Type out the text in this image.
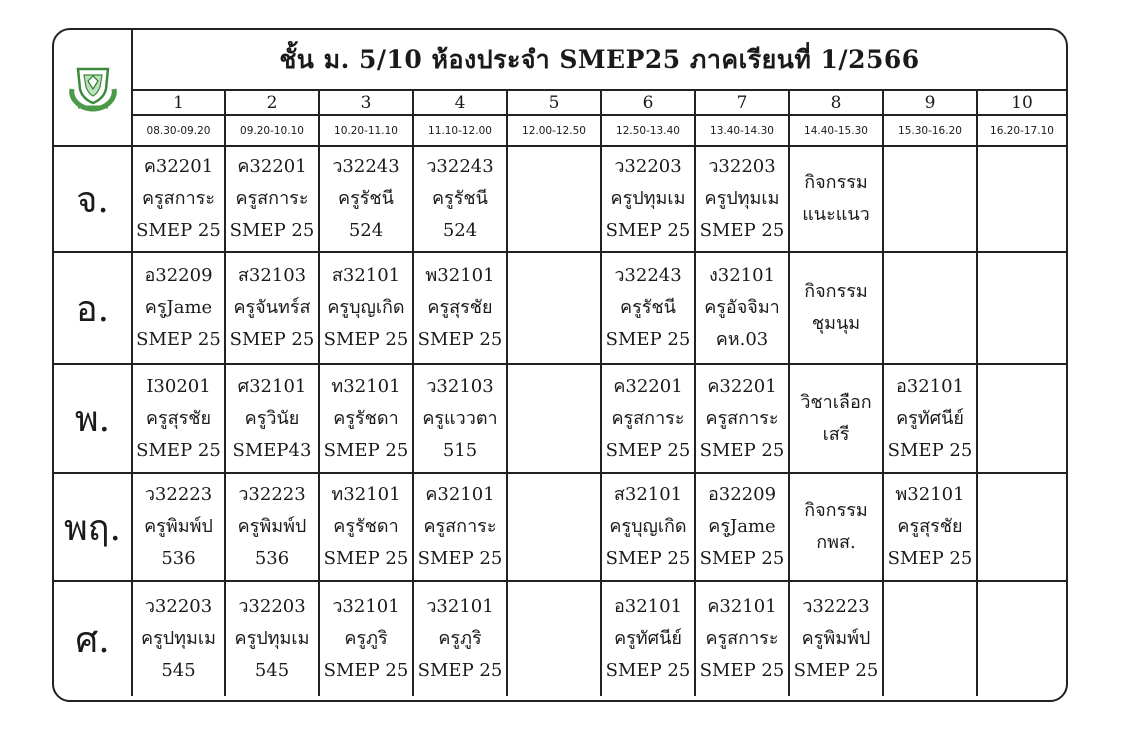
	ชั้น ม. 5/10 ห้องประจำ SMEP25 ภาคเรียนที่ 1/2566									
	1	2	3	4	5	6	7	8	9	10
	08.30-09.20	09.20-10.10	10.20-11.10	11.10-12.00	12.00-12.50	12.50-13.40	13.40-14.30	14.40-15.30	15.30-16.20	16.20-17.10
จ.	ค32201
ครูสการะ
SMEP 25	ค32201
ครูสการะ
SMEP 25	ว32243
ครูรัชนี
524	ว32243
ครูรัชนี
524		ว32203
ครูปทุมเม
SMEP 25	ว32203
ครูปทุมเม
SMEP 25	กิจกรรม
แนะแนว		

อ.	อ32209
ครูJame
SMEP 25	ส32103
ครูจันทร์ส
SMEP 25	ส32101
ครูบุญเกิด
SMEP 25	พ32101
ครูสุรชัย
SMEP 25		ว32243
ครูรัชนี
SMEP 25	ง32101
ครูอัจจิมา
คห.03	กิจกรรม
ชุมนุม		

พ.	I30201
ครูสุรชัย
SMEP 25	ศ32101
ครูวินัย
SMEP43	ท32101
ครูรัชดา
SMEP 25	ว32103
ครูแววตา
515		ค32201
ครูสการะ
SMEP 25	ค32201
ครูสการะ
SMEP 25	วิชาเลือก
เสรี	อ32101
ครูทัศนีย์
SMEP 25	

พฤ.	ว32223
ครูพิมพ์ป
536	ว32223
ครูพิมพ์ป
536	ท32101
ครูรัชดา
SMEP 25	ค32101
ครูสการะ
SMEP 25		ส32101
ครูบุญเกิด
SMEP 25	อ32209
ครูJame
SMEP 25	กิจกรรม
กพส.	พ32101
ครูสุรชัย
SMEP 25	

ศ.	ว32203
ครูปทุมเม
545	ว32203
ครูปทุมเม
545	ว32101
ครูภูริ
SMEP 25	ว32101
ครูภูริ
SMEP 25		อ32101
ครูทัศนีย์
SMEP 25	ค32101
ครูสการะ
SMEP 25	ว32223
ครูพิมพ์ป
SMEP 25		
